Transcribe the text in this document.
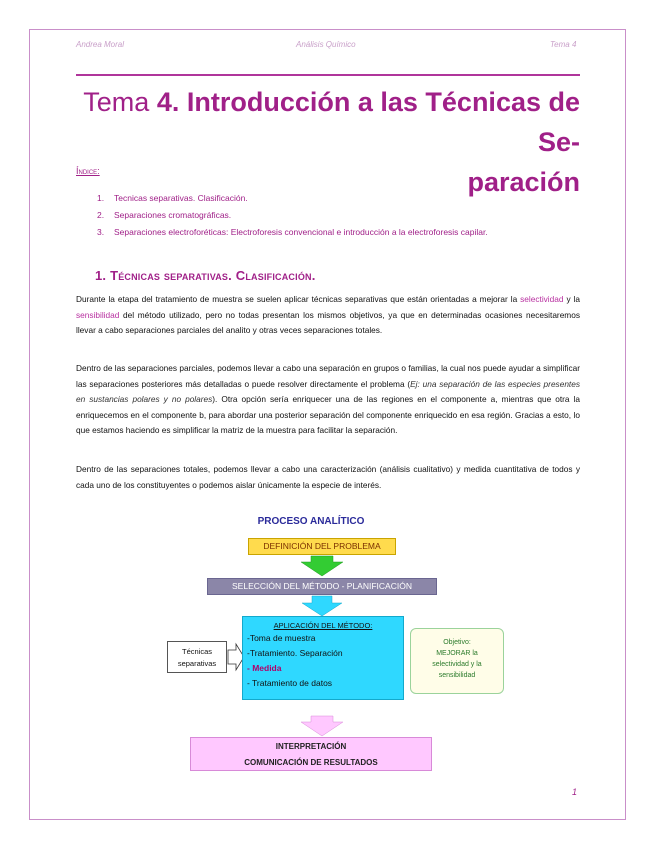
Andrea Moral	Análisis Químico	Tema 4
Tema 4. Introducción a las Técnicas de Se-
paración
Índice:
1. Tecnicas separativas. Clasificación.
2. Separaciones cromatográficas.
3. Separaciones electroforéticas: Electroforesis convencional e introducción a la electroforesis capilar.
1. Técnicas separativas. Clasificación.
Durante la etapa del tratamiento de muestra se suelen aplicar técnicas separativas que están orientadas a mejorar la selectividad y la sensibilidad del método utilizado, pero no todas presentan los mismos objetivos, ya que en determinadas ocasiones necesitaremos llevar a cabo separaciones parciales del analito y otras veces separaciones totales.
Dentro de las separaciones parciales, podemos llevar a cabo una separación en grupos o familias, la cual nos puede ayudar a simplificar las separaciones posteriores más detalladas o puede resolver directamente el problema (Ej: una separación de las especies presentes en sustancias polares y no polares). Otra opción sería enriquecer una de las regiones en el componente a, mientras que otra la enriquecemos en el componente b, para abordar una posterior separación del componente enriquecido en esa región. Gracias a esto, lo que estamos haciendo es simplificar la matriz de la muestra para facilitar la separación.
Dentro de las separaciones totales, podemos llevar a cabo una caracterización (análisis cualitativo) y medida cuantitativa de todos y cada uno de los constituyentes o podemos aislar únicamente la especie de interés.
PROCESO ANALÍTICO
DEFINICIÓN DEL PROBLEMA
SELECCIÓN DEL MÉTODO - PLANIFICACIÓN
APLICACIÓN DEL MÉTODO:
-Toma de muestra
-Tratamiento. Separación
- Medida
- Tratamiento de datos
Objetivo:
MEJORAR la
selectividad y la
sensibilidad
Técnicas
separativas
INTERPRETACIÓN
COMUNICACIÓN DE RESULTADOS
1
